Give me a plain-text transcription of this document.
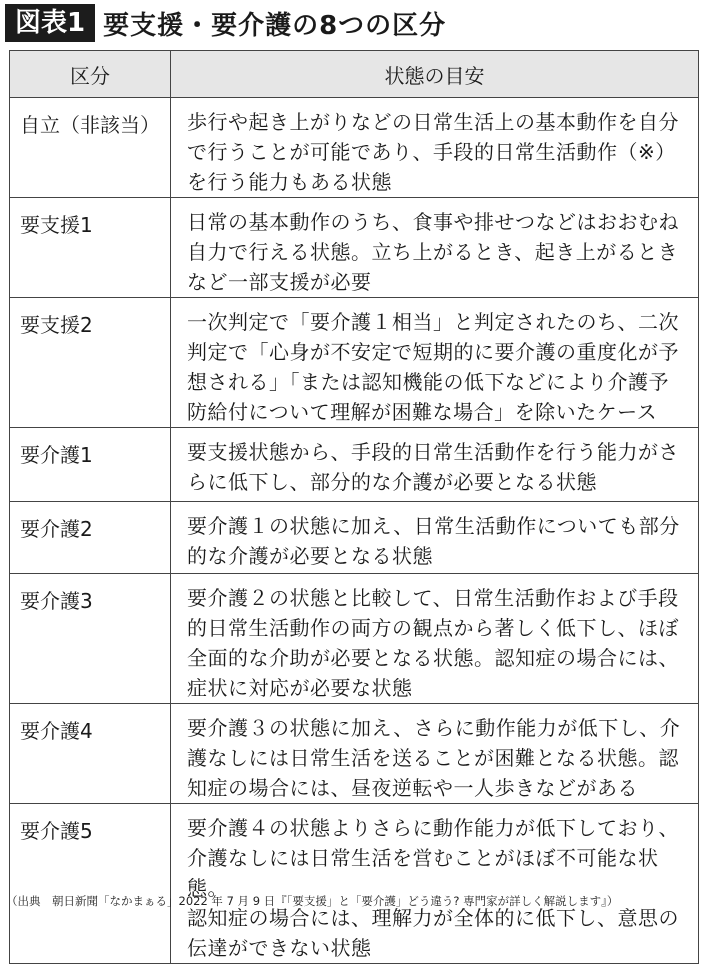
図表1 要支援・要介護の8つの区分
区分	状態の目安
自立（非該当）	歩行や起き上がりなどの日常生活上の基本動作を自分
で行うことが可能であり、手段的日常生活動作（※）
を行う能力もある状態

要支援1	日常の基本動作のうち、食事や排せつなどはおおむね
自力で行える状態。立ち上がるとき、起き上がるとき
など一部支援が必要

要支援2	一次判定で「要介護１相当」と判定されたのち、二次
判定で「心身が不安定で短期的に要介護の重度化が予
想される」「または認知機能の低下などにより介護予
防給付について理解が困難な場合」を除いたケース

要介護1	要支援状態から、手段的日常生活動作を行う能力がさ
らに低下し、部分的な介護が必要となる状態

要介護2	要介護１の状態に加え、日常生活動作についても部分
的な介護が必要となる状態

要介護3	要介護２の状態と比較して、日常生活動作および手段
的日常生活動作の両方の観点から著しく低下し、ほぼ
全面的な介助が必要となる状態。認知症の場合には、
症状に対応が必要な状態

要介護4	要介護３の状態に加え、さらに動作能力が低下し、介
護なしには日常生活を送ることが困難となる状態。認
知症の場合には、昼夜逆転や一人歩きなどがある

要介護5	要介護４の状態よりさらに動作能力が低下しており、
介護なしには日常生活を営むことがほぼ不可能な状態。
認知症の場合には、理解力が全体的に低下し、意思の
伝達ができない状態
（出典　朝日新聞「なかまぁる」2022 年 7 月 9 日『「要支援」と「要介護」どう違う? 専門家が詳しく解説します』）
